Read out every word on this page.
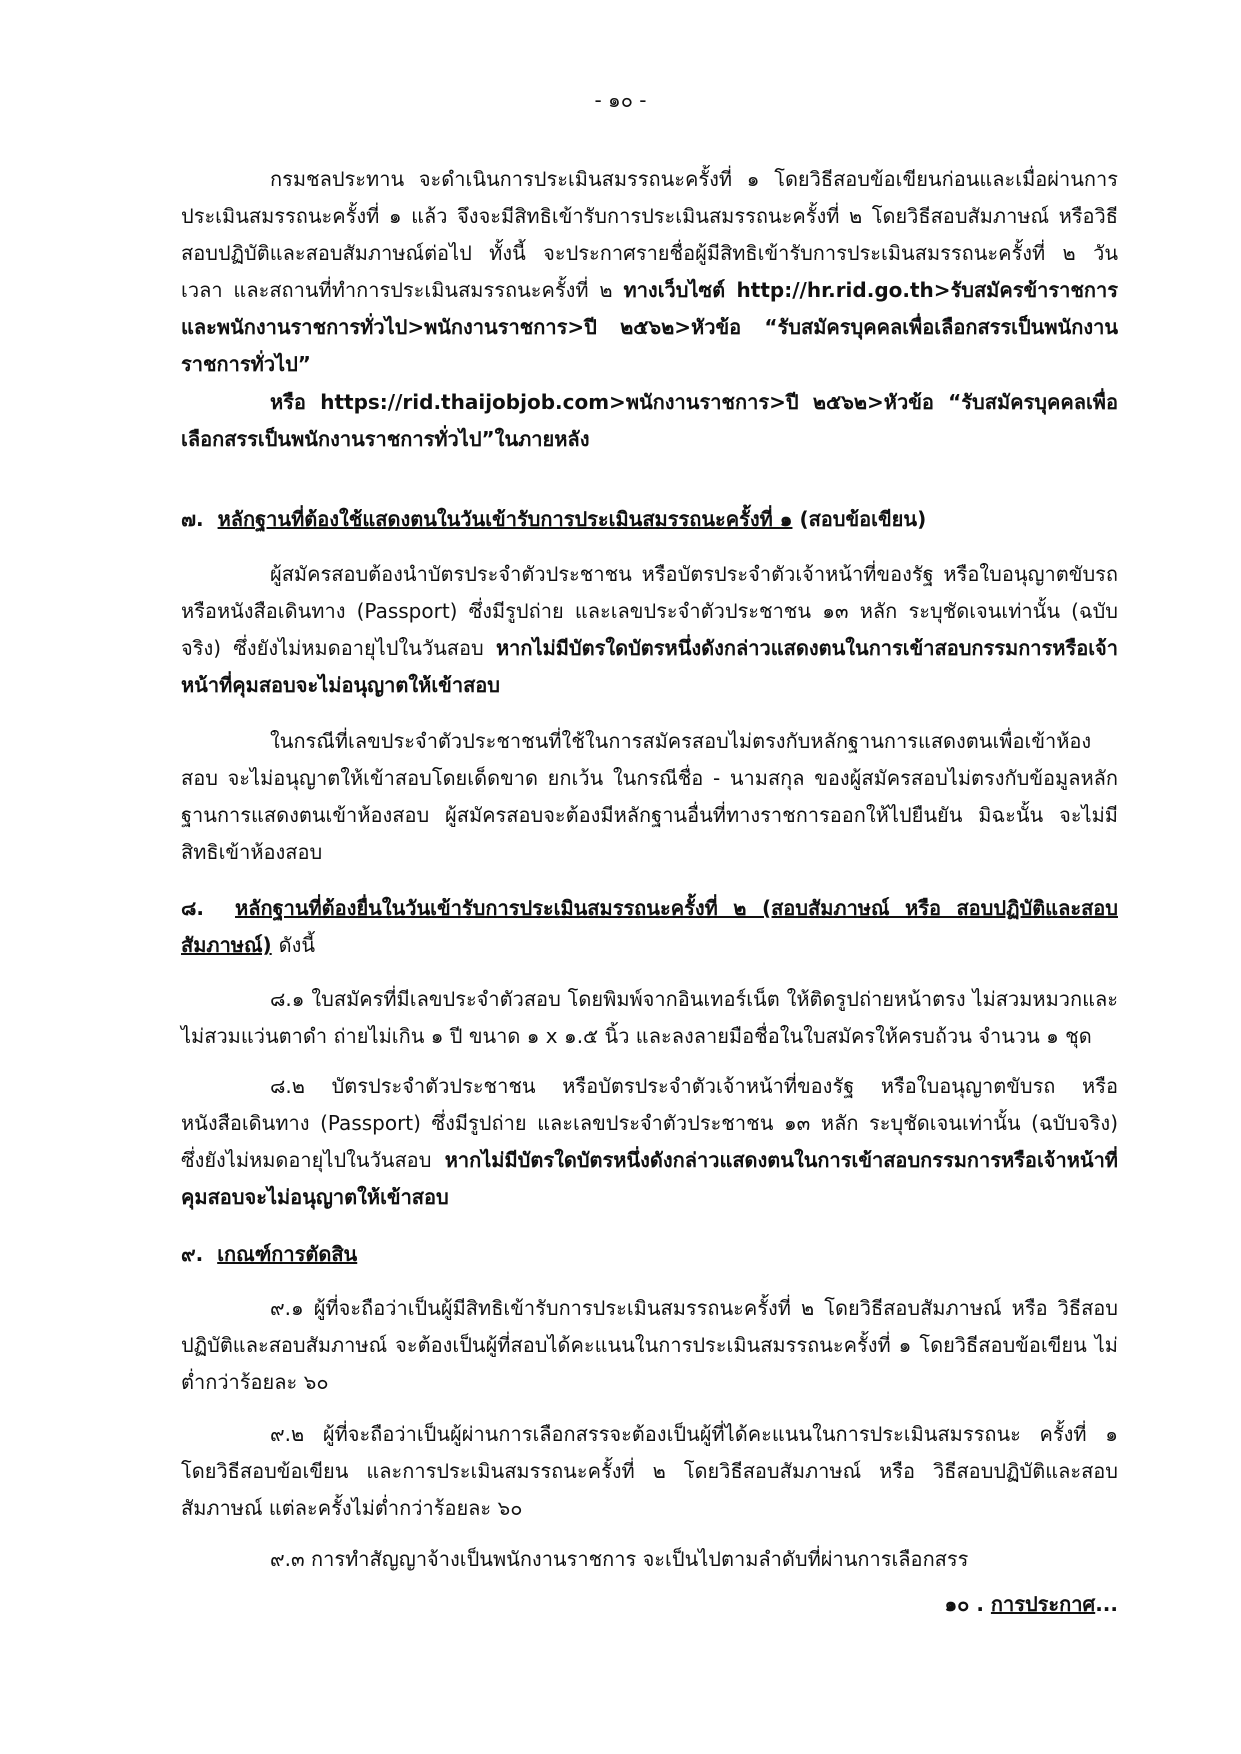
- ๑๐ -
กรมชลประทาน จะดำเนินการประเมินสมรรถนะครั้งที่ ๑ โดยวิธีสอบข้อเขียนก่อนและเมื่อผ่านการประเมินสมรรถนะครั้งที่ ๑ แล้ว จึงจะมีสิทธิเข้ารับการประเมินสมรรถนะครั้งที่ ๒ โดยวิธีสอบสัมภาษณ์ หรือวิธีสอบปฏิบัติและสอบสัมภาษณ์ต่อไป ทั้งนี้ จะประกาศรายชื่อผู้มีสิทธิเข้ารับการประเมินสมรรถนะครั้งที่ ๒ วัน เวลา และสถานที่ทำการประเมินสมรรถนะครั้งที่ ๒ ทางเว็บไซต์ http://hr.rid.go.th>รับสมัครข้าราชการและพนักงานราชการทั่วไป>พนักงานราชการ>ปี ๒๕๖๒>หัวข้อ “รับสมัครบุคคลเพื่อเลือกสรรเป็นพนักงานราชการทั่วไป”
หรือ https://rid.thaijobjob.com>พนักงานราชการ>ปี ๒๕๖๒>หัวข้อ “รับสมัครบุคคลเพื่อเลือกสรรเป็นพนักงานราชการทั่วไป”ในภายหลัง
๗. หลักฐานที่ต้องใช้แสดงตนในวันเข้ารับการประเมินสมรรถนะครั้งที่ ๑ (สอบข้อเขียน)
ผู้สมัครสอบต้องนำบัตรประจำตัวประชาชน หรือบัตรประจำตัวเจ้าหน้าที่ของรัฐ หรือใบอนุญาตขับรถ หรือหนังสือเดินทาง (Passport) ซึ่งมีรูปถ่าย และเลขประจำตัวประชาชน ๑๓ หลัก ระบุชัดเจนเท่านั้น (ฉบับจริง) ซึ่งยังไม่หมดอายุไปในวันสอบ หากไม่มีบัตรใดบัตรหนึ่งดังกล่าวแสดงตนในการเข้าสอบกรรมการหรือเจ้าหน้าที่คุมสอบจะไม่อนุญาตให้เข้าสอบ
ในกรณีที่เลขประจำตัวประชาชนที่ใช้ในการสมัครสอบไม่ตรงกับหลักฐานการแสดงตนเพื่อเข้าห้องสอบ จะไม่อนุญาตให้เข้าสอบโดยเด็ดขาด ยกเว้น ในกรณีชื่อ - นามสกุล ของผู้สมัครสอบไม่ตรงกับข้อมูลหลักฐานการแสดงตนเข้าห้องสอบ ผู้สมัครสอบจะต้องมีหลักฐานอื่นที่ทางราชการออกให้ไปยืนยัน มิฉะนั้น จะไม่มีสิทธิเข้าห้องสอบ
๘. หลักฐานที่ต้องยื่นในวันเข้ารับการประเมินสมรรถนะครั้งที่ ๒ (สอบสัมภาษณ์ หรือ สอบปฏิบัติและสอบสัมภาษณ์) ดังนี้
๘.๑ ใบสมัครที่มีเลขประจำตัวสอบ โดยพิมพ์จากอินเทอร์เน็ต ให้ติดรูปถ่ายหน้าตรง ไม่สวมหมวกและไม่สวมแว่นตาดำ ถ่ายไม่เกิน ๑ ปี ขนาด ๑ x ๑.๕ นิ้ว และลงลายมือชื่อในใบสมัครให้ครบถ้วน จำนวน ๑ ชุด
๘.๒ บัตรประจำตัวประชาชน หรือบัตรประจำตัวเจ้าหน้าที่ของรัฐ หรือใบอนุญาตขับรถ หรือหนังสือเดินทาง (Passport) ซึ่งมีรูปถ่าย และเลขประจำตัวประชาชน ๑๓ หลัก ระบุชัดเจนเท่านั้น (ฉบับจริง) ซึ่งยังไม่หมดอายุไปในวันสอบ หากไม่มีบัตรใดบัตรหนึ่งดังกล่าวแสดงตนในการเข้าสอบกรรมการหรือเจ้าหน้าที่คุมสอบจะไม่อนุญาตให้เข้าสอบ
๙. เกณฑ์การตัดสิน
๙.๑ ผู้ที่จะถือว่าเป็นผู้มีสิทธิเข้ารับการประเมินสมรรถนะครั้งที่ ๒ โดยวิธีสอบสัมภาษณ์ หรือ วิธีสอบปฏิบัติและสอบสัมภาษณ์ จะต้องเป็นผู้ที่สอบได้คะแนนในการประเมินสมรรถนะครั้งที่ ๑ โดยวิธีสอบข้อเขียน ไม่ต่ำกว่าร้อยละ ๖๐
๙.๒ ผู้ที่จะถือว่าเป็นผู้ผ่านการเลือกสรรจะต้องเป็นผู้ที่ได้คะแนนในการประเมินสมรรถนะ ครั้งที่ ๑ โดยวิธีสอบข้อเขียน และการประเมินสมรรถนะครั้งที่ ๒ โดยวิธีสอบสัมภาษณ์ หรือ วิธีสอบปฏิบัติและสอบสัมภาษณ์ แต่ละครั้งไม่ต่ำกว่าร้อยละ ๖๐
๙.๓ การทำสัญญาจ้างเป็นพนักงานราชการ จะเป็นไปตามลำดับที่ผ่านการเลือกสรร
๑๐ . การประกาศ...
